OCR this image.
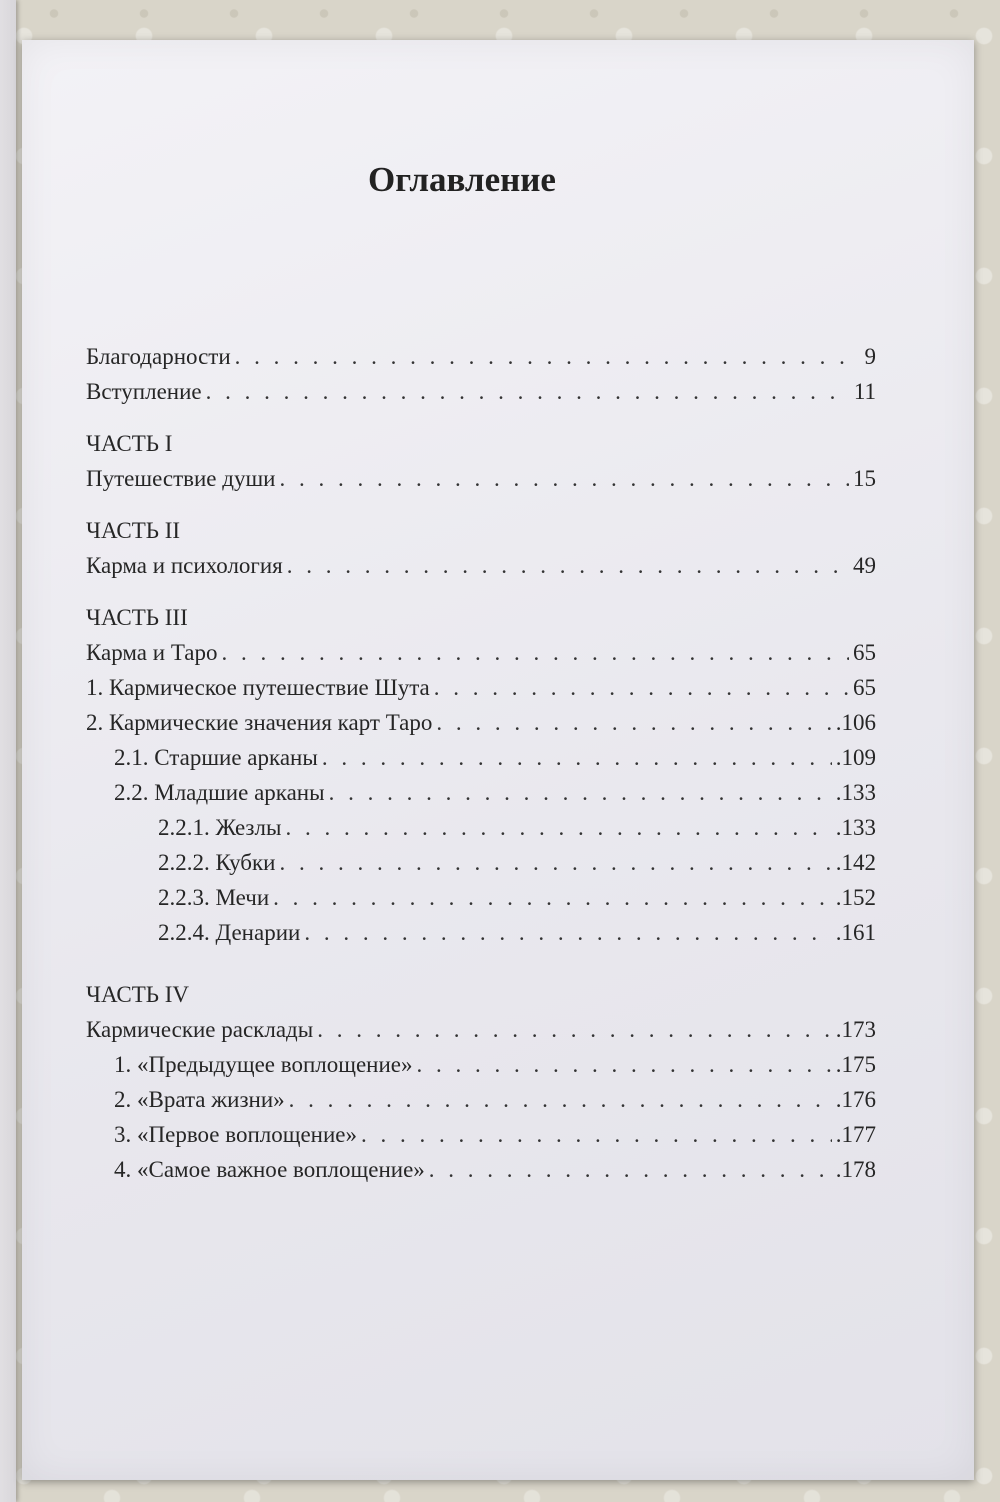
Оглавление
Благодарности . . .	9
Вступление . . .	11
ЧАСТЬ I
Путешествие души . . .	15
ЧАСТЬ II
Карма и психология . . .	49
ЧАСТЬ III
Карма и Таро . . .	65
1. Кармическое путешествие Шута . . .	65
2. Кармические значения карт Таро . . .	.106
2.1. Старшие арканы . . .	.109
2.2. Младшие арканы . . .	.133
2.2.1. Жезлы . . .	.133
2.2.2. Кубки . . .	.142
2.2.3. Мечи . . .	.152
2.2.4. Денарии . . .	.161
ЧАСТЬ IV
Кармические расклады . . .	.173
1. «Предыдущее воплощение» . . .	.175
2. «Врата жизни» . . .	.176
3. «Первое воплощение» . . .	.177
4. «Самое важное воплощение» . . .	.178
